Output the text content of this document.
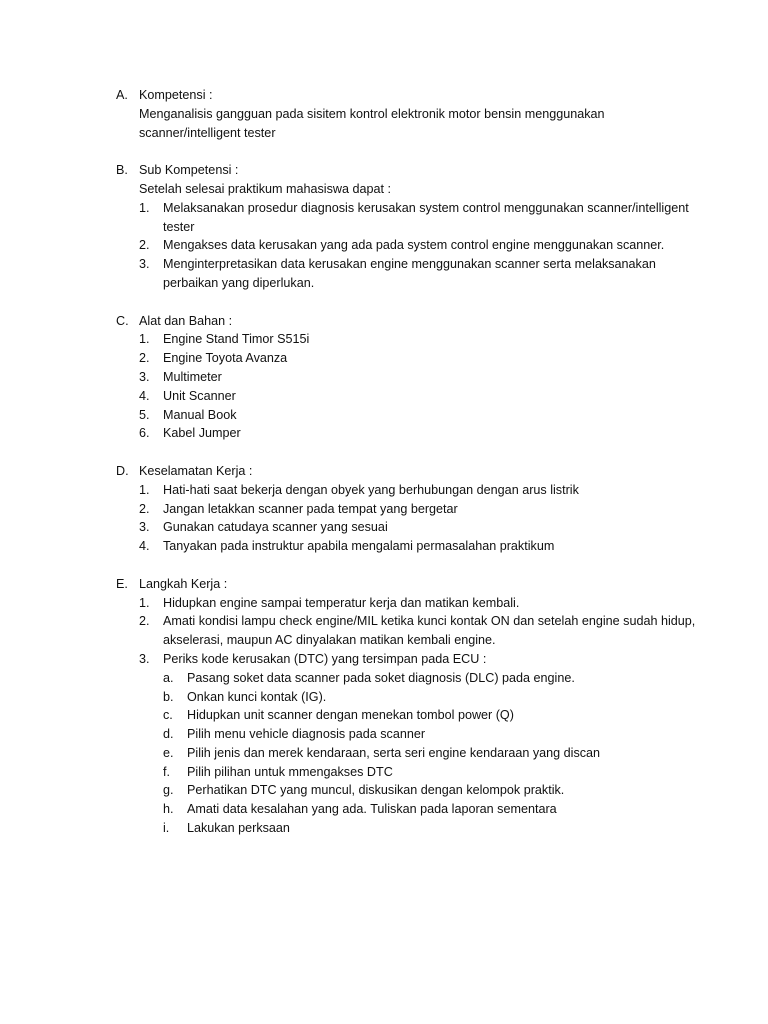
A. Kompetensi :
Menganalisis gangguan pada sisitem kontrol elektronik motor bensin menggunakan scanner/intelligent tester
B. Sub Kompetensi :
Setelah selesai praktikum mahasiswa dapat :
1.	Melaksanakan prosedur diagnosis kerusakan system control menggunakan scanner/intelligent tester
2.	Mengakses data kerusakan yang ada pada system control engine menggunakan scanner.
3.	Menginterpretasikan data kerusakan engine menggunakan scanner serta melaksanakan perbaikan yang diperlukan.
C. Alat dan Bahan :
1.	Engine Stand Timor S515i
2.	Engine Toyota Avanza
3.	Multimeter
4.	Unit Scanner
5.	Manual Book
6.	Kabel Jumper
D. Keselamatan Kerja :
1.	Hati-hati saat bekerja dengan obyek yang berhubungan dengan arus listrik
2.	Jangan letakkan scanner pada tempat yang bergetar
3.	Gunakan catudaya scanner yang sesuai
4.	Tanyakan pada instruktur apabila mengalami permasalahan praktikum
E. Langkah Kerja :
1.	Hidupkan engine sampai temperatur kerja dan matikan kembali.
2.	Amati kondisi lampu check engine/MIL ketika kunci kontak ON dan setelah engine sudah hidup, akselerasi, maupun AC dinyalakan matikan kembali engine.
3.	Periks kode kerusakan (DTC) yang tersimpan pada ECU :
a.	Pasang soket data scanner pada soket diagnosis (DLC) pada engine.
b.	Onkan kunci kontak (IG).
c.	Hidupkan unit scanner dengan menekan tombol power (Q)
d.	Pilih menu vehicle diagnosis pada scanner
e.	Pilih jenis dan merek kendaraan, serta seri engine kendaraan yang discan
f.	Pilih pilihan untuk mmengakses DTC
g.	Perhatikan DTC yang muncul, diskusikan dengan kelompok praktik.
h.	Amati data kesalahan yang ada. Tuliskan pada laporan sementara
i.	Lakukan perksaan
